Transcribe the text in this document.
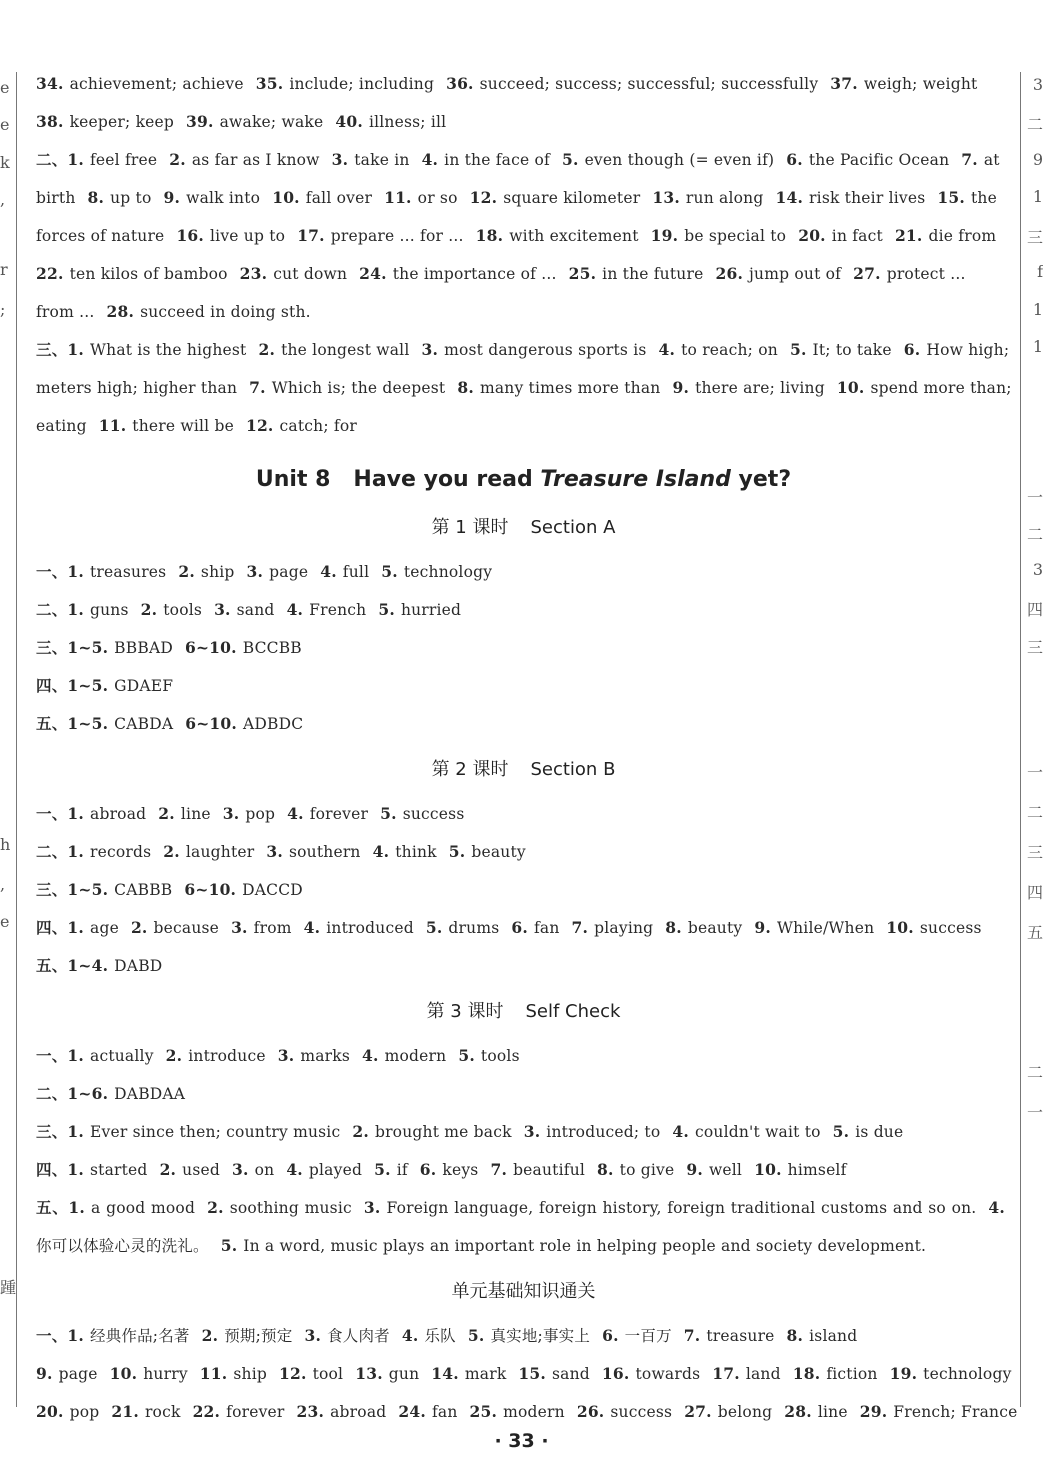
e
e
k
,
r
;
h
,
e
踵
3
二
9
1
三
f
1
1
一
二
3
四
三
一
二
三
四
五
二
一
34. achievement; achieve 35. include; including 36. succeed; success; successful; successfully 37. weigh; weight
38. keeper; keep 39. awake; wake 40. illness; ill
二、1. feel free 2. as far as I know 3. take in 4. in the face of 5. even though (= even if) 6. the Pacific Ocean 7. at
birth 8. up to 9. walk into 10. fall over 11. or so 12. square kilometer 13. run along 14. risk their lives 15. the
forces of nature 16. live up to 17. prepare ... for ... 18. with excitement 19. be special to 20. in fact 21. die from
22. ten kilos of bamboo 23. cut down 24. the importance of ... 25. in the future 26. jump out of 27. protect ...
from ... 28. succeed in doing sth.
三、1. What is the highest 2. the longest wall 3. most dangerous sports is 4. to reach; on 5. It; to take 6. How high;
meters high; higher than 7. Which is; the deepest 8. many times more than 9. there are; living 10. spend more than;
eating 11. there will be 12. catch; for
Unit 8   Have you read Treasure Island yet?
第 1 课时 Section A
一、1. treasures 2. ship 3. page 4. full 5. technology
二、1. guns 2. tools 3. sand 4. French 5. hurried
三、1~5. BBBAD 6~10. BCCBB
四、1~5. GDAEF
五、1~5. CABDA 6~10. ADBDC
第 2 课时 Section B
一、1. abroad 2. line 3. pop 4. forever 5. success
二、1. records 2. laughter 3. southern 4. think 5. beauty
三、1~5. CABBB 6~10. DACCD
四、1. age 2. because 3. from 4. introduced 5. drums 6. fan 7. playing 8. beauty 9. While/When 10. success
五、1~4. DABD
第 3 课时 Self Check
一、1. actually 2. introduce 3. marks 4. modern 5. tools
二、1~6. DABDAA
三、1. Ever since then; country music 2. brought me back 3. introduced; to 4. couldn't wait to 5. is due
四、1. started 2. used 3. on 4. played 5. if 6. keys 7. beautiful 8. to give 9. well 10. himself
五、1. a good mood 2. soothing music 3. Foreign language, foreign history, foreign traditional customs and so on. 4.你可以体验心灵的洗礼。 5. In a word, music plays an important role in helping people and society development.
单元基础知识通关
一、1. 经典作品;名著 2. 预期;预定 3. 食人肉者 4. 乐队 5. 真实地;事实上 6. 一百万 7. treasure 8. island
9. page 10. hurry 11. ship 12. tool 13. gun 14. mark 15. sand 16. towards 17. land 18. fiction 19. technology
20. pop 21. rock 22. forever 23. abroad 24. fan 25. modern 26. success 27. belong 28. line 29. French; France
· 33 ·
